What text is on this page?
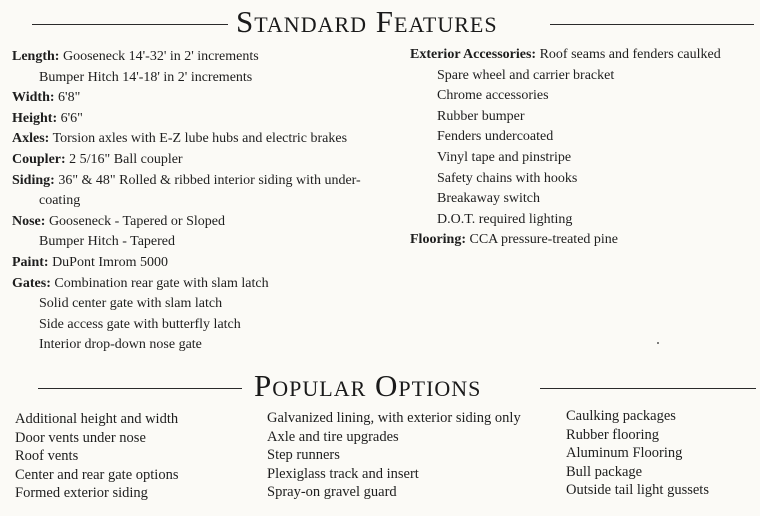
Standard Features
Length: Gooseneck 14'-32' in 2' increments
Bumper Hitch 14'-18' in 2' increments
Width: 6'8"
Height: 6'6"
Axles: Torsion axles with E-Z lube hubs and electric brakes
Coupler: 2 5/16" Ball coupler
Siding: 36" & 48" Rolled & ribbed interior siding with under-
coating
Nose: Gooseneck - Tapered or Sloped
Bumper Hitch - Tapered
Paint: DuPont Imrom 5000
Gates: Combination rear gate with slam latch
Solid center gate with slam latch
Side access gate with butterfly latch
Interior drop-down nose gate
Exterior Accessories: Roof seams and fenders caulked
Spare wheel and carrier bracket
Chrome accessories
Rubber bumper
Fenders undercoated
Vinyl tape and pinstripe
Safety chains with hooks
Breakaway switch
D.O.T. required lighting
Flooring: CCA pressure-treated pine
Popular Options
Additional height and width
Door vents under nose
Roof vents
Center and rear gate options
Formed exterior siding
Galvanized lining, with exterior siding only
Axle and tire upgrades
Step runners
Plexiglass track and insert
Spray-on gravel guard
Caulking packages
Rubber flooring
Aluminum Flooring
Bull package
Outside tail light gussets
